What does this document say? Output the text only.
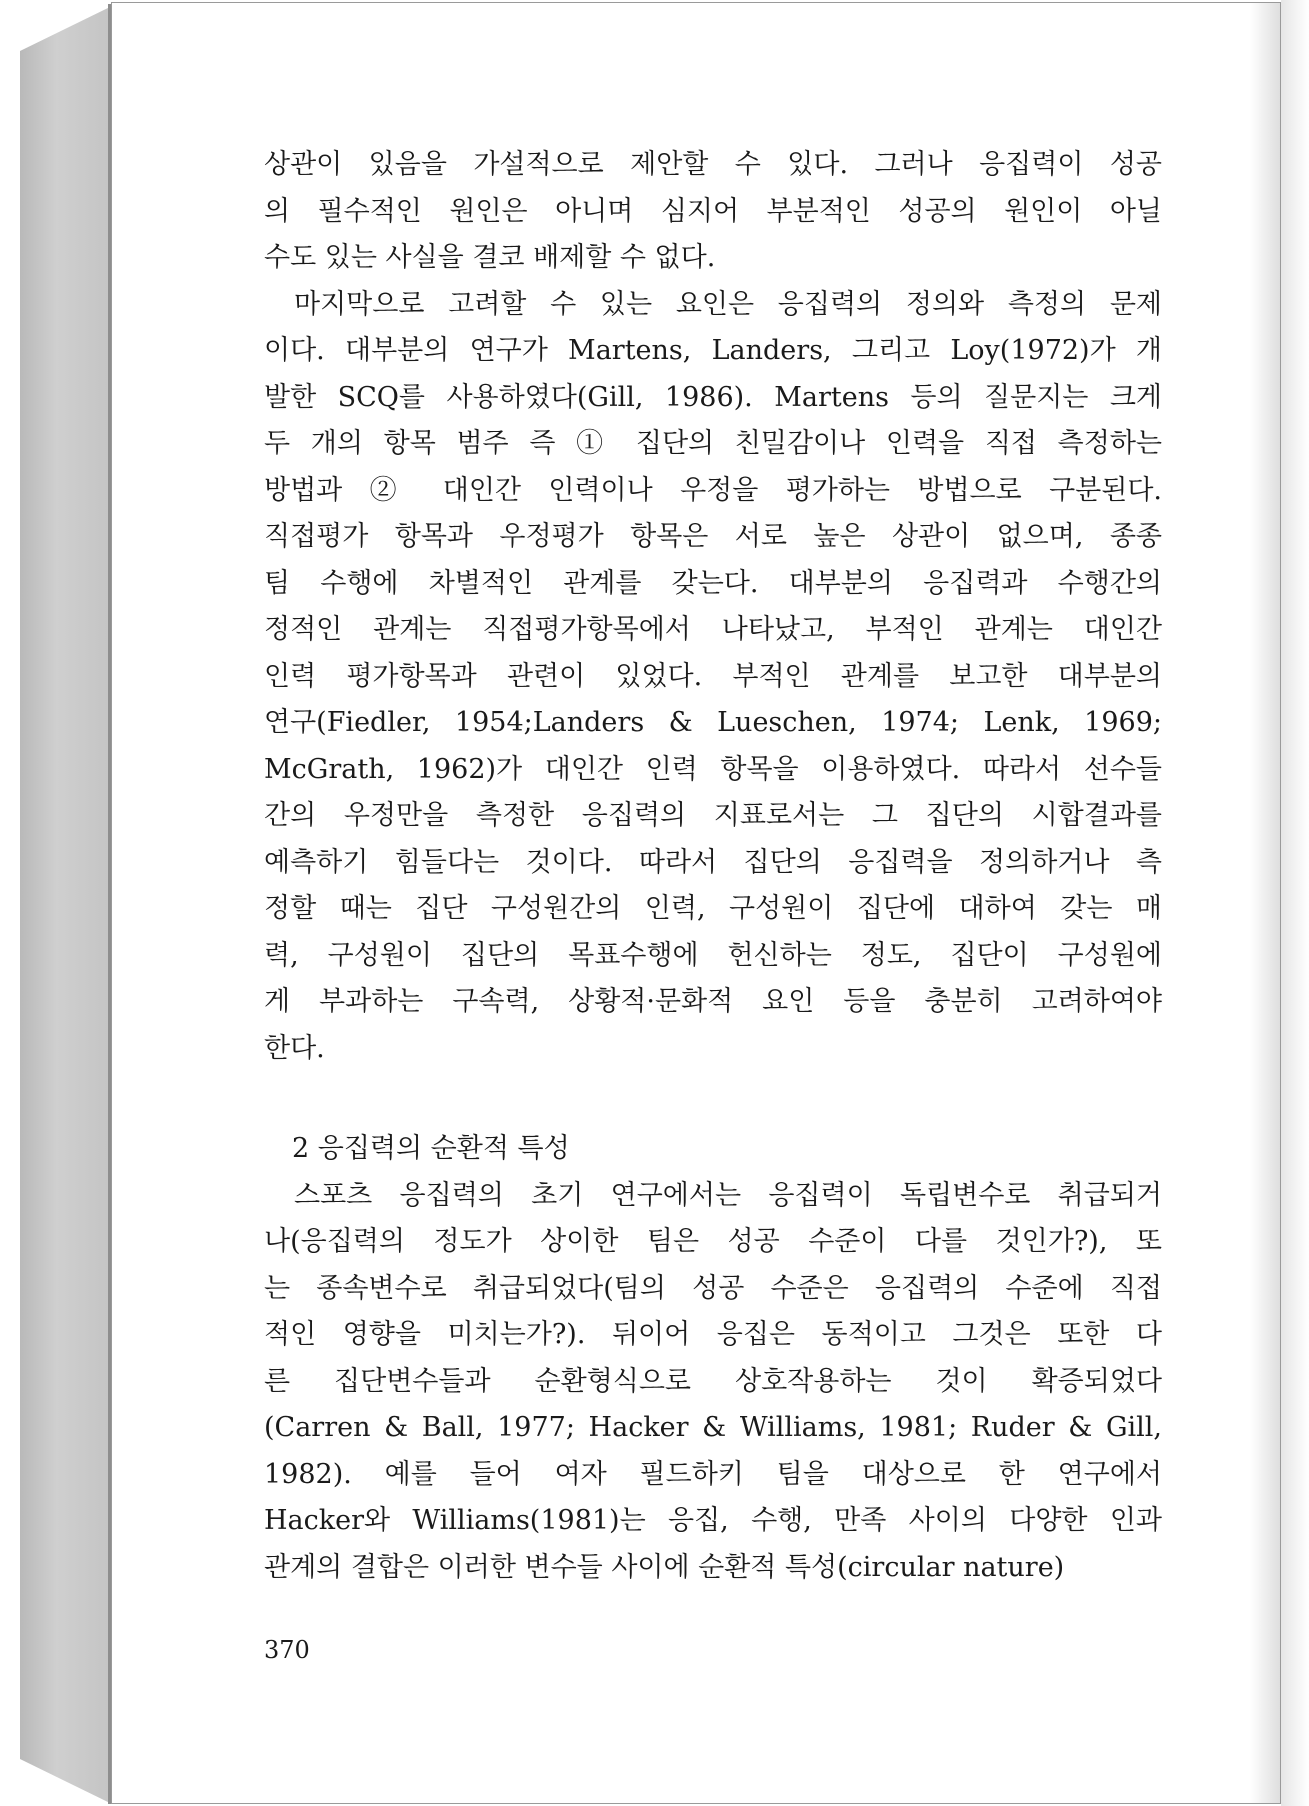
상관이 있음을 가설적으로 제안할 수 있다. 그러나 응집력이 성공
의 필수적인 원인은 아니며 심지어 부분적인 성공의 원인이 아닐
수도 있는 사실을 결코 배제할 수 없다.
마지막으로 고려할 수 있는 요인은 응집력의 정의와 측정의 문제
이다. 대부분의 연구가 Martens, Landers, 그리고 Loy(1972)가 개
발한 SCQ를 사용하였다(Gill, 1986). Martens 등의 질문지는 크게
두 개의 항목 범주 즉 ① 집단의 친밀감이나 인력을 직접 측정하는
방법과 ② 대인간 인력이나 우정을 평가하는 방법으로 구분된다.
직접평가 항목과 우정평가 항목은 서로 높은 상관이 없으며, 종종
팀 수행에 차별적인 관계를 갖는다. 대부분의 응집력과 수행간의
정적인 관계는 직접평가항목에서 나타났고, 부적인 관계는 대인간
인력 평가항목과 관련이 있었다. 부적인 관계를 보고한 대부분의
연구(Fiedler, 1954;Landers & Lueschen, 1974; Lenk, 1969;
McGrath, 1962)가 대인간 인력 항목을 이용하였다. 따라서 선수들
간의 우정만을 측정한 응집력의 지표로서는 그 집단의 시합결과를
예측하기 힘들다는 것이다. 따라서 집단의 응집력을 정의하거나 측
정할 때는 집단 구성원간의 인력, 구성원이 집단에 대하여 갖는 매
력, 구성원이 집단의 목표수행에 헌신하는 정도, 집단이 구성원에
게 부과하는 구속력, 상황적·문화적 요인 등을 충분히 고려하여야
한다.
2 응집력의 순환적 특성
스포츠 응집력의 초기 연구에서는 응집력이 독립변수로 취급되거
나(응집력의 정도가 상이한 팀은 성공 수준이 다를 것인가?), 또
는 종속변수로 취급되었다(팀의 성공 수준은 응집력의 수준에 직접
적인 영향을 미치는가?). 뒤이어 응집은 동적이고 그것은 또한 다
른 집단변수들과 순환형식으로 상호작용하는 것이 확증되었다
(Carren & Ball, 1977; Hacker & Williams, 1981; Ruder & Gill,
1982). 예를 들어 여자 필드하키 팀을 대상으로 한 연구에서
Hacker와 Williams(1981)는 응집, 수행, 만족 사이의 다양한 인과
관계의 결합은 이러한 변수들 사이에 순환적 특성(circular nature)
370
